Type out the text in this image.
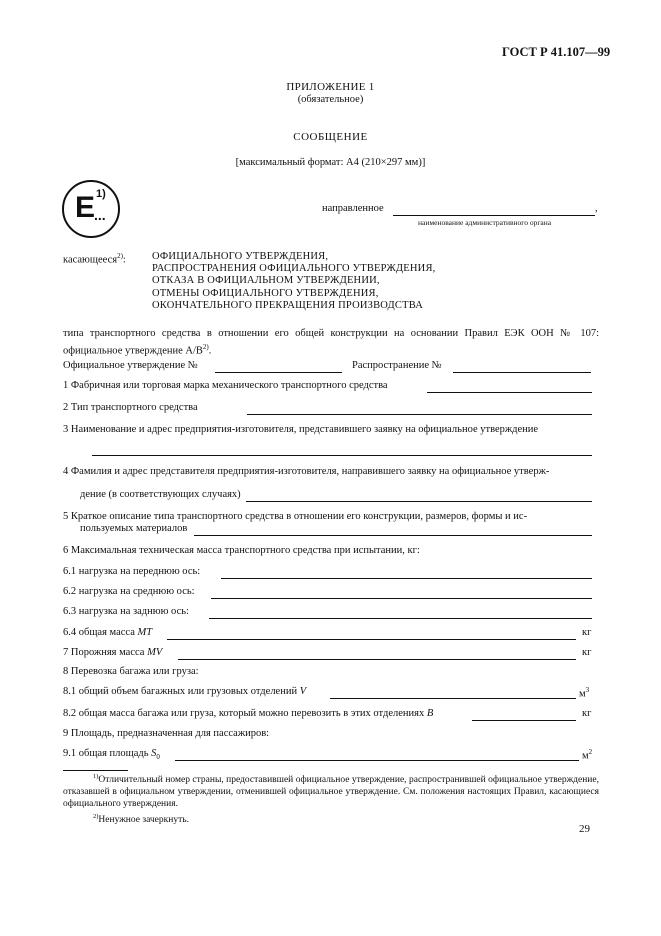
ГОСТ Р 41.107—99
ПРИЛОЖЕНИЕ 1
(обязательное)
СООБЩЕНИЕ
[максимальный формат: А4 (210×297 мм)]
E 1)
...	направленное	,
наименование административного органа
касающееся$^{2)}$: ОФИЦИАЛЬНОГО УТВЕРЖДЕНИЯ,
РАСПРОСТРАНЕНИЯ ОФИЦИАЛЬНОГО УТВЕРЖДЕНИЯ,
ОТКАЗА В ОФИЦИАЛЬНОМ УТВЕРЖДЕНИИ,
ОТМЕНЫ ОФИЦИАЛЬНОГО УТВЕРЖДЕНИЯ,
ОКОНЧАТЕЛЬНОГО ПРЕКРАЩЕНИЯ ПРОИЗВОДСТВА
типа транспортного средства в отношении его общей конструкции на основании Правил ЕЭК ООН № 107: официальное утверждение $А/В^{2)}$.
Официальное утверждение №	Распространение №
1 Фабричная или торговая марка механического транспортного средства
2 Тип транспортного средства
3 Наименование и адрес предприятия-изготовителя, представившего заявку на официальное утверждение
4 Фамилия и адрес представителя предприятия-изготовителя, направившего заявку на официальное утверж-
дение (в соответствующих случаях)
5 Краткое описание типа транспортного средства в отношении его конструкции, размеров, формы и ис-
пользуемых материалов
6 Максимальная техническая масса транспортного средства при испытании, кг:
6.1 нагрузка на переднюю ось:
6.2 нагрузка на среднюю ось:
6.3 нагрузка на заднюю ось:
6.4 общая масса MT	кг
7 Порожняя масса MV	кг
8 Перевозка багажа или груза:
8.1 общий объем багажных или грузовых отделений V	$м^3$
8.2 общая масса багажа или груза, который можно перевозить в этих отделениях B	кг
9 Площадь, предназначенная для пассажиров:
9.1 общая площадь $S_0$	$м^2$
$^{1)}$Отличительный номер страны, предоставившей официальное утверждение, распространившей официальное утверждение, отказавшей в официальном утверждении, отменившей официальное утверждение. См. положения настоящих Правил, касающиеся официального утверждения.
$^{2)}$Ненужное зачеркнуть.
29
